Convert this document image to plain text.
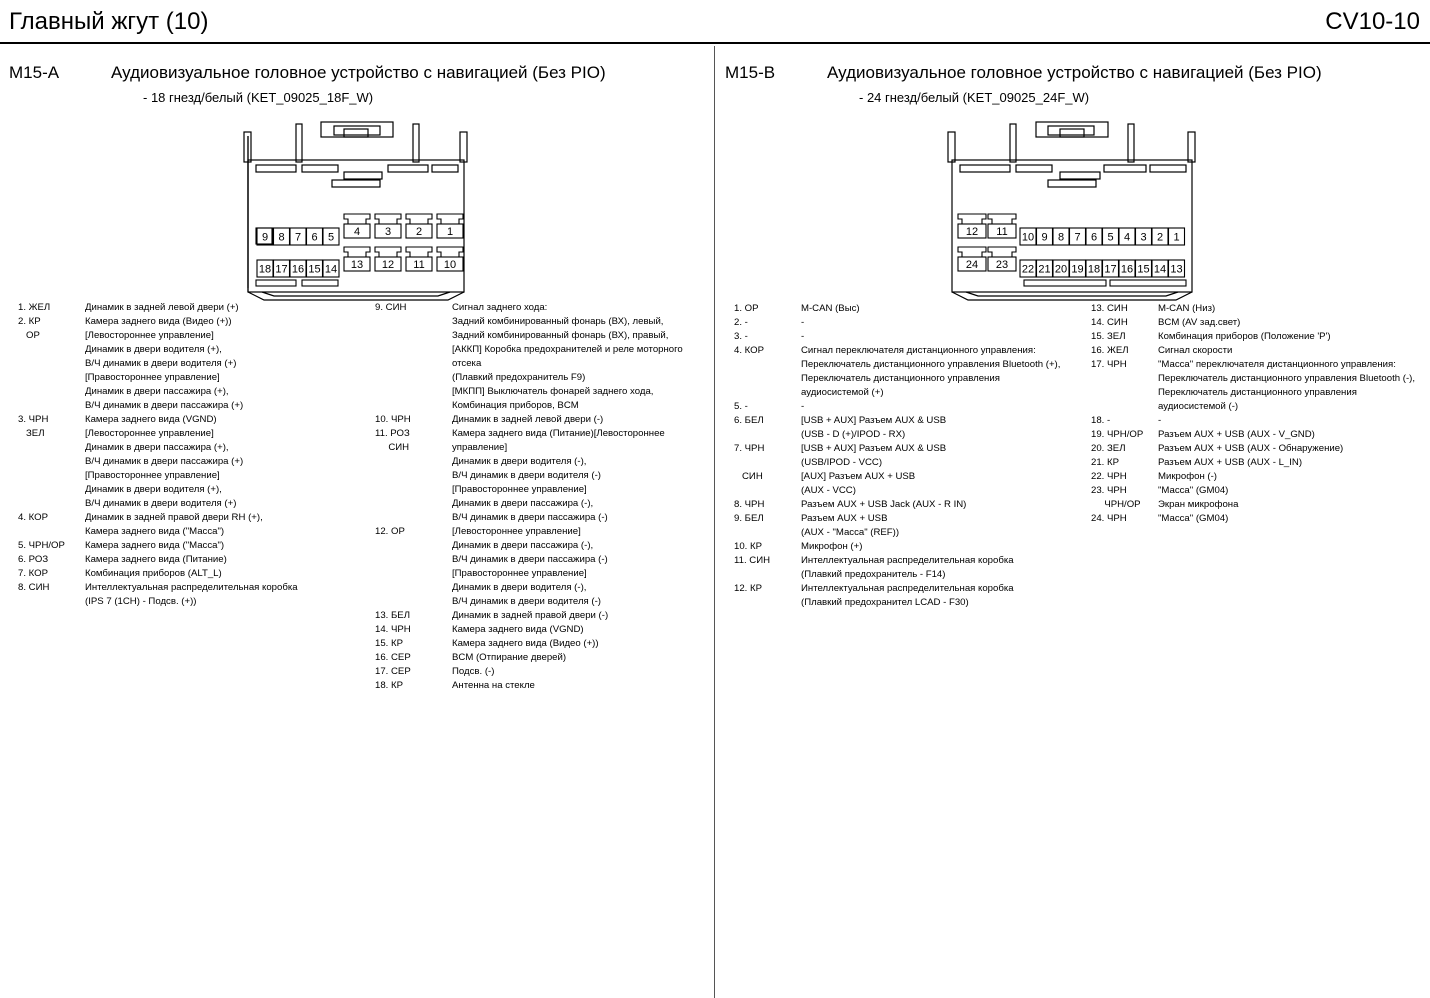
Главный жгут (10)	CV10-10
M15-A	Аудиовизуальное головное устройство с навигацией (Без PIO)
- 18 гнезд/белый (KET_09025_18F_W)
9 8 7 6 5 4 3 2 1
18 17 16 15 14 13 12 11 10
1. ЖЕЛ	Динамик в задней левой двери (+)
2. КР	Камера заднего вида (Видео (+))
ОР	[Левостороннее управление]
Динамик в двери водителя (+),
В/Ч динамик в двери водителя (+)
[Правостороннее управление]
Динамик в двери пассажира (+),
В/Ч динамик в двери пассажира (+)
3. ЧРН	Камера заднего вида (VGND)
ЗЕЛ	[Левостороннее управление]
Динамик в двери пассажира (+),
В/Ч динамик в двери пассажира (+)
[Правостороннее управление]
Динамик в двери водителя (+),
В/Ч динамик в двери водителя (+)
4. КОР	Динамик в задней правой двери RH (+),
Камера заднего вида ("Масса")
5. ЧРН/ОР Камера заднего вида ("Масса")
6. РОЗ	Камера заднего вида (Питание)
7. КОР	Комбинация приборов (ALT_L)
8. СИН	Интеллектуальная распределительная коробка
(IPS 7 (1CH) - Подсв. (+))
9. СИН	Сигнал заднего хода:
Задний комбинированный фонарь (ВХ), левый,
Задний комбинированный фонарь (ВХ), правый,
[АККП] Коробка предохранителей и реле моторного
отсека
(Плавкий предохранитель F9)
[МКПП] Выключатель фонарей заднего хода,
Комбинация приборов, BCM
10. ЧРН	Динамик в задней левой двери (-)
11. РОЗ	Камера заднего вида (Питание)[Левостороннее
СИН	управление]
Динамик в двери водителя (-),
В/Ч динамик в двери водителя (-)
[Правостороннее управление]
Динамик в двери пассажира (-),
В/Ч динамик в двери пассажира (-)
12. ОР	[Левостороннее управление]
Динамик в двери пассажира (-),
В/Ч динамик в двери пассажира (-)
[Правостороннее управление]
Динамик в двери водителя (-),
В/Ч динамик в двери водителя (-)
13. БЕЛ	Динамик в задней правой двери (-)
14. ЧРН	Камера заднего вида (VGND)
15. КР	Камера заднего вида (Видео (+))
16. СЕР	BCM (Отпирание дверей)
17. СЕР	Подсв. (-)
18. КР	Антенна на стекле
M15-B	Аудиовизуальное головное устройство с навигацией (Без PIO)
- 24 гнезд/белый (KET_09025_24F_W)
12 11 10 9 8 7 6 5 4 3 2 1
24 23 22 21 20 19 18 17 16 15 14 13
1. ОР	M-CAN (Выс)
2. -	-
3. -	-
4. КОР	Сигнал переключателя дистанционного управления:
Переключатель дистанционного управления Bluetooth (+),
Переключатель дистанционного управления
аудиосистемой (+)
5. -	-
6. БЕЛ	[USB + AUX] Разъем AUX & USB
(USB - D (+)/IPOD - RX)
7. ЧРН	[USB + AUX] Разъем AUX & USB
(USB/IPOD - VCC)
СИН	[AUX] Разъем AUX + USB
(AUX - VCC)
8. ЧРН	Разъем AUX + USB Jack (AUX - R IN)
9. БЕЛ	Разъем AUX + USB
(AUX - "Масса" (REF))
10. КР	Микрофон (+)
11. СИН	Интеллектуальная распределительная коробка
(Плавкий предохранитель - F14)
12. КР	Интеллектуальная распределительная коробка
(Плавкий предохранител LCAD - F30)
13. СИН	M-CAN (Низ)
14. СИН	BCM (AV зад.свет)
15. ЗЕЛ	Комбинация приборов (Положение 'P')
16. ЖЕЛ	Сигнал скорости
17. ЧРН	"Масса" переключателя дистанционного управления:
Переключатель дистанционного управления Bluetooth (-),
Переключатель дистанционного управления
аудиосистемой (-)
18. -	-
19. ЧРН/ОР Разъем AUX + USB (AUX - V_GND)
20. ЗЕЛ	Разъем AUX + USB (AUX - Обнаружение)
21. КР	Разъем AUX + USB (AUX - L_IN)
22. ЧРН	Микрофон (-)
23. ЧРН	"Масса" (GM04)
ЧРН/ОР Экран микрофона
24. ЧРН	"Масса" (GM04)
